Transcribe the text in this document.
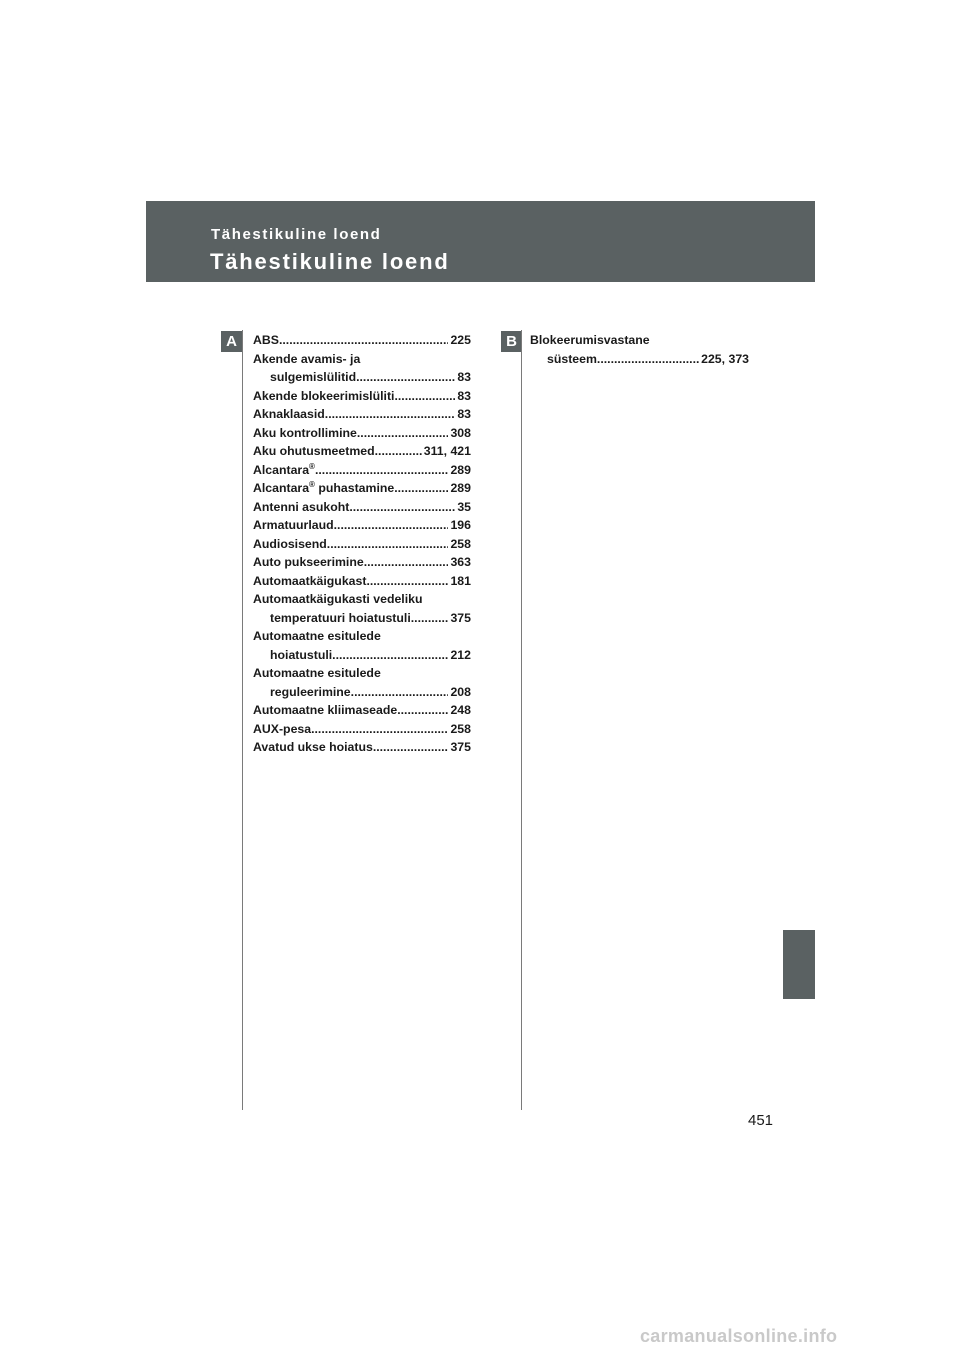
Tähestikuline loend
Tähestikuline loend
A	ABS .....	225
Akende avamis- ja
sulgemislülitid .....	83
Akende blokeerimislüliti .....	83
Aknaklaasid .....	83
Aku kontrollimine .....	308
Aku ohutusmeetmed .....	311, 421
Alcantara® .....	289
Alcantara® puhastamine .....	289
Antenni asukoht .....	35
Armatuurlaud .....	196
Audiosisend .....	258
Auto pukseerimine .....	363
Automaatkäigukast .....	181
Automaatkäigukasti vedeliku
temperatuuri hoiatustuli .....	375
Automaatne esitulede
hoiatustuli .....	212
Automaatne esitulede
reguleerimine .....	208
Automaatne kliimaseade .....	248
AUX-pesa .....	258
Avatud ukse hoiatus .....	375
B	Blokeerumisvastane
süsteem .....	225, 373
451
carmanualsonline.info
